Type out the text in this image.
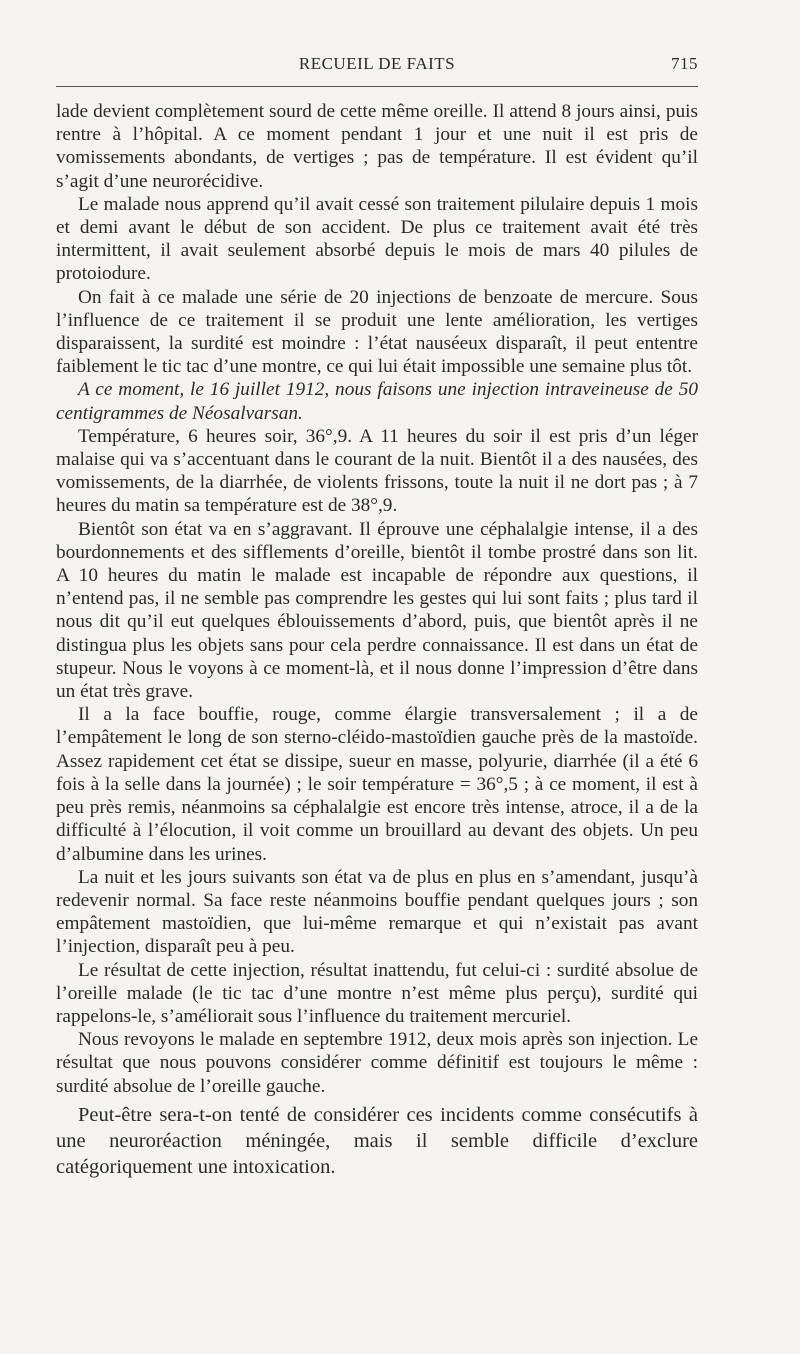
RECUEIL DE FAITS	715

lade devient complètement sourd de cette même oreille. Il attend 8 jours ainsi, puis rentre à l’hôpital. A ce moment pendant 1 jour et une nuit il est pris de vomissements abondants, de vertiges ; pas de température. Il est évident qu’il s’agit d’une neurorécidive.

Le malade nous apprend qu’il avait cessé son traitement pilulaire depuis 1 mois et demi avant le début de son accident. De plus ce traitement avait été très intermittent, il avait seulement absorbé depuis le mois de mars 40 pilules de protoiodure.

On fait à ce malade une série de 20 injections de benzoate de mercure. Sous l’influence de ce traitement il se produit une lente amélioration, les vertiges disparaissent, la surdité est moindre : l’état nauséeux disparaît, il peut ententre faiblement le tic tac d’une montre, ce qui lui était impossible une semaine plus tôt.

A ce moment, le 16 juillet 1912, nous faisons une injection intraveineuse de 50 centigrammes de Néosalvarsan.

Température, 6 heures soir, 36°,9. A 11 heures du soir il est pris d’un léger malaise qui va s’accentuant dans le courant de la nuit. Bientôt il a des nausées, des vomissements, de la diarrhée, de violents frissons, toute la nuit il ne dort pas ; à 7 heures du matin sa température est de 38°,9.

Bientôt son état va en s’aggravant. Il éprouve une céphalalgie intense, il a des bourdonnements et des sifflements d’oreille, bientôt il tombe prostré dans son lit. A 10 heures du matin le malade est incapable de répondre aux questions, il n’entend pas, il ne semble pas comprendre les gestes qui lui sont faits ; plus tard il nous dit qu’il eut quelques éblouissements d’abord, puis, que bientôt après il ne distingua plus les objets sans pour cela perdre connaissance. Il est dans un état de stupeur. Nous le voyons à ce moment-là, et il nous donne l’impression d’être dans un état très grave.

Il a la face bouffie, rouge, comme élargie transversalement ; il a de l’empâtement le long de son sterno-cléido-mastoïdien gauche près de la mastoïde. Assez rapidement cet état se dissipe, sueur en masse, polyurie, diarrhée (il a été 6 fois à la selle dans la journée) ; le soir température = 36°,5 ; à ce moment, il est à peu près remis, néanmoins sa céphalalgie est encore très intense, atroce, il a de la difficulté à l’élocution, il voit comme un brouillard au devant des objets. Un peu d’albumine dans les urines.

La nuit et les jours suivants son état va de plus en plus en s’amendant, jusqu’à redevenir normal. Sa face reste néanmoins bouffie pendant quelques jours ; son empâtement mastoïdien, que lui-même remarque et qui n’existait pas avant l’injection, disparaît peu à peu.

Le résultat de cette injection, résultat inattendu, fut celui-ci : surdité absolue de l’oreille malade (le tic tac d’une montre n’est même plus perçu), surdité qui rappelons-le, s’améliorait sous l’influence du traitement mercuriel.

Nous revoyons le malade en septembre 1912, deux mois après son injection. Le résultat que nous pouvons considérer comme définitif est toujours le même : surdité absolue de l’oreille gauche.

Peut-être sera-t-on tenté de considérer ces incidents comme consécutifs à une neuroréaction méningée, mais il semble difficile d’exclure catégoriquement une intoxication.
